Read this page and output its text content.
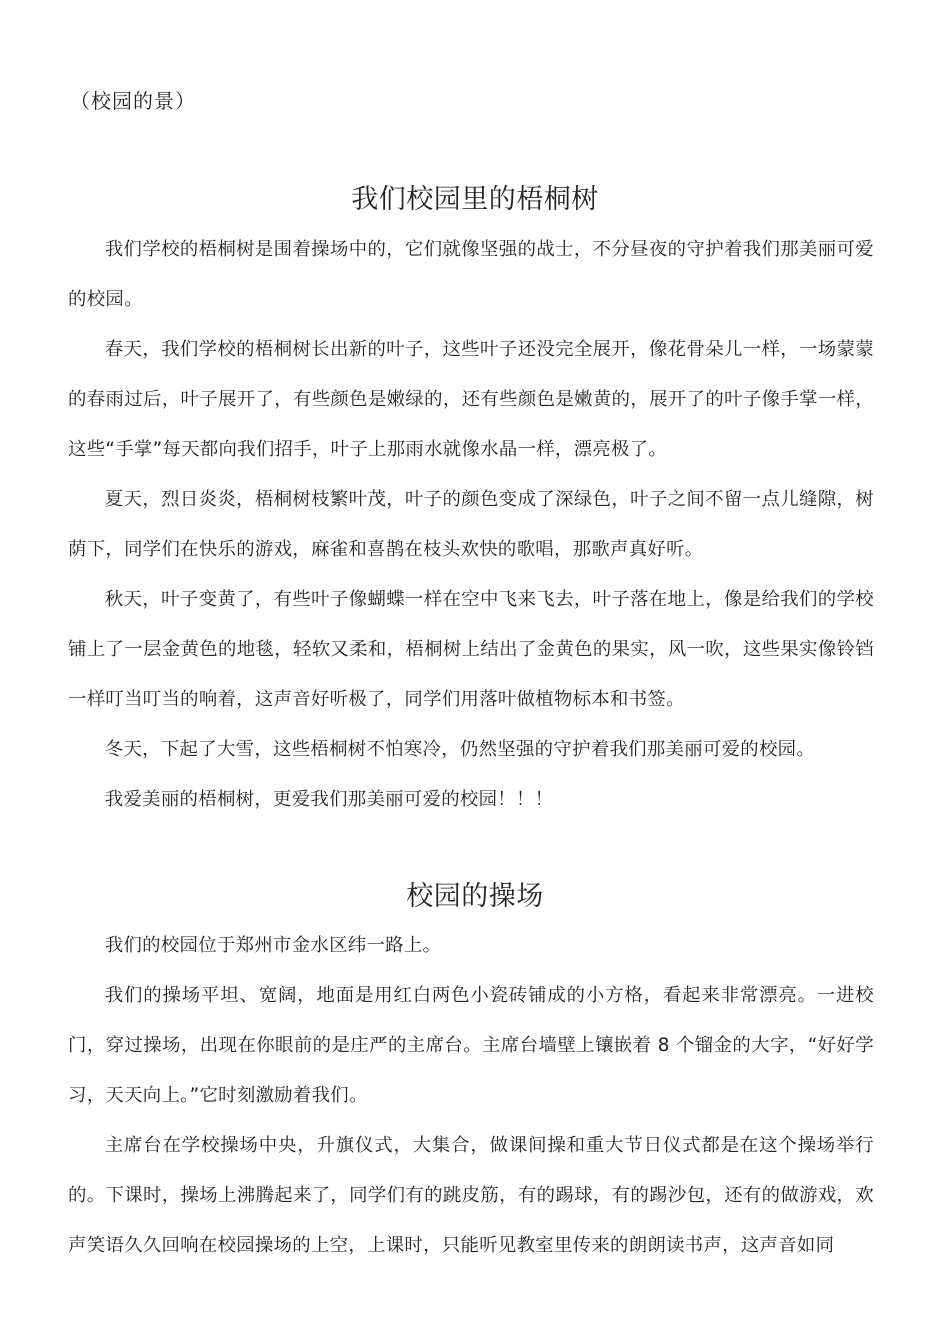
（校园的景）
我们校园里的梧桐树

我们学校的梧桐树是围着操场中的，它们就像坚强的战士，不分昼夜的守护着我们那美丽可爱的校园。

春天，我们学校的梧桐树长出新的叶子，这些叶子还没完全展开，像花骨朵儿一样，一场蒙蒙的春雨过后，叶子展开了，有些颜色是嫩绿的，还有些颜色是嫩黄的，展开了的叶子像手掌一样，这些“手掌”每天都向我们招手，叶子上那雨水就像水晶一样，漂亮极了。

夏天，烈日炎炎，梧桐树枝繁叶茂，叶子的颜色变成了深绿色，叶子之间不留一点儿缝隙，树荫下，同学们在快乐的游戏，麻雀和喜鹊在枝头欢快的歌唱，那歌声真好听。

秋天，叶子变黄了，有些叶子像蝴蝶一样在空中飞来飞去，叶子落在地上，像是给我们的学校铺上了一层金黄色的地毯，轻软又柔和，梧桐树上结出了金黄色的果实，风一吹，这些果实像铃铛一样叮当叮当的响着，这声音好听极了，同学们用落叶做植物标本和书签。

冬天，下起了大雪，这些梧桐树不怕寒冷，仍然坚强的守护着我们那美丽可爱的校园。

我爱美丽的梧桐树，更爱我们那美丽可爱的校园！！！

校园的操场

我们的校园位于郑州市金水区纬一路上。

我们的操场平坦、宽阔，地面是用红白两色小瓷砖铺成的小方格，看起来非常漂亮。一进校门，穿过操场，出现在你眼前的是庄严的主席台。主席台墙壁上镶嵌着 8 个镏金的大字，“好好学习，天天向上。”它时刻激励着我们。

主席台在学校操场中央，升旗仪式，大集合，做课间操和重大节日仪式都是在这个操场举行的。下课时，操场上沸腾起来了，同学们有的跳皮筋，有的踢球，有的踢沙包，还有的做游戏，欢声笑语久久回响在校园操场的上空，上课时，只能听见教室里传来的朗朗读书声，这声音如同
